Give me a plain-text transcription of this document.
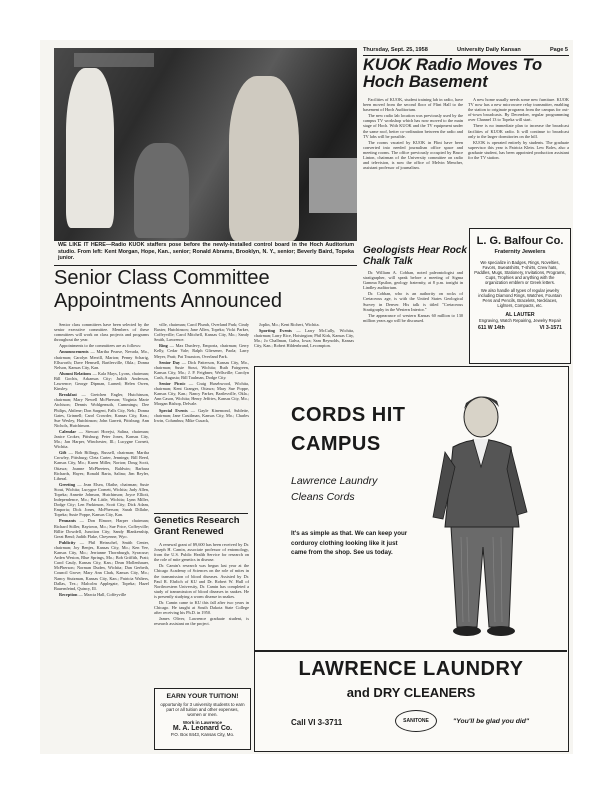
Thursday, Sept. 25, 1958	University Daily Kansan	Page 5
WE LIKE IT HERE—Radio KUOK staffers pose before the newly-installed control board in the Hoch Auditorium studio. From left: Kent Morgan, Hope, Kan., senior; Ronald Abrams, Brooklyn, N. Y., senior; Beverly Baird, Topeka junior.
KUOK Radio Moves To Hoch Basement

Facilities of KUOK, student training lab in radio, have been moved from the second floor of Flint Hall to the basement of Hoch Auditorium.

The new radio lab location was previously used by the campus TV workshop which has now moved to the main stage of Hoch. With KUOK and the TV equipment under the same roof, better co-ordination between the radio and TV labs will be possible.

The rooms vacated by KUOK in Flint have been converted into needed journalism office space and meeting rooms. The office previously occupied by Bruce Linton, chairman of the University committee on radio and television, is now the office of Melvin Mencher, assistant professor of journalism.

A new home usually needs some new furniture. KUOK TV now has a new microwave relay transmitter, enabling the station to originate programs from the campus for out-of-town broadcasts. By December, regular programming over Channel 13 to Topeka will start.

There is no immediate plan to increase the broadcast facilities of KUOK radio. It will continue to broadcast only to the larger dormitories on the hill.

KUOK is operated entirely by students. The graduate supervisor this year is Patricia Klein. Lew Boles, also a graduate student, has been appointed production assistant for the TV station.

Geologists Hear Rock Chalk Talk

Dr. William A. Cobban, noted paleontologist and stratigrapher, will speak before a meeting of Sigma Gamma Epsilon, geology fraternity, at 8 p.m. tonight in Lindley auditorium.

Dr. Cobban, who is an authority on rocks of Cretaceous age, is with the United States Geological Survey in Denver. His talk is titled "Cretaceous Stratigraphy in the Western Interior."

The appearance of western Kansas 60 million to 130 million years ago will be discussed.

L. G. Balfour Co.
Fraternity Jewelers
We specialize in Badges, Rings, Novelties, Favors, Sweatshirts, T-shirts, Crew hats, Paddles, Mugs, Stationery, Invitations, Programs, Cups, Trophies and anything with the organization emblem or Greek letters.
We also handle all types of regular jewelry including Diamond Rings, Watches, Fountain Pens and Pencils, Bracelets, Necklaces, Lighters, Compacts, etc.
AL LAUTER
Engraving, Watch Repairing, Jewelry Repair
611 W 14th	VI 3-1571
Senior Class Committee Appointments Announced

Senior class committees have been selected by the senior executive committee. Members of these committees will work on class projects and programs throughout the year.

Appointments to the committees are as follows:

Announcements — Martha Pearse, Nevada, Mo., chairman; Carolyn Merrill, Marion; Penny Scharig, Ellsworth; Dave Hemsell, Bartlesville, Okla.; Donna Nelson, Kansas City, Kan.

Alumni Relations — Kala Mays, Lyons, chairman; Bill Gochis, Arkansas City; Judith Anderson, Lawrence; George Dipman, Larned; Helen Owen, Kinsley.

Breakfast — Gretchen Engler, Hutchinson, chairman; Mary Newell McPherson; Virginia Marie Atchison; Dennis Wohlgemuth, Cummings; Dee Philips, Abilene; Don Sargent, Falls City, Neb.; Donna Gates, Grinnell; Carol Crowder, Kansas City, Kan.; Sue Wesley, Hutchinson; John Garrett, Pittsburg; Ann Nichols, Hutchinson.

Calendar — Stewart Horejsi, Salina, chairman; Janice Croker, Pittsburg; Peter Jones, Kansas City, Mo.; Jan Harper, Winchester, Ill.; Lucygne Cornett, Wichita.

Gift — Bob Billings, Russell, chairman; Martha Crowley, Pittsburg; Cleta Carter, Jennings; Bill Reed, Kansas City, Mo.; Karen Miller, Norton; Doug Scott, Ottawa; Joanne McPheeters, Baldwin; Barbara Richards, Hayes; Ronald Barta, Salina; Jim Reyler, Liberal.

Greeting — Jean Elsea, Olathe, chairman; Susie Stout, Wichita; Lucygne Cornett, Wichita; Judy Allen, Topeka; Annette Johnson, Hutchinson; Joyce Elliott, Independence, Mo.; Pat Little, Wichita; Lynn Miller, Dodge City; Len Parkinson, Scott City; Dick Adam, Emporia; Dick Jones, McPherson; Sarah Dillahe, Topeka; Susie Poppe, Kansas City, Kan.

Pennants — Don Elmore, Harper chairman; Richard Stiller, Raytown, Mo.; Sue Price, Coffeyville; Billie Dowdell, Junction City; Sandy Blankenship, Great Bend; Judith Flake, Cheyenne, Wyo.

Publicity — Phil Heinschel, Smith Center, chairman; Joy Benjes, Kansas City, Mo.; Ken Yee, Kansas City, Mo.; Jerrianne Thornburgh, Syracuse; Arden Weston, Blue Springs, Mo.; Bob Griffith, Pratt; Carol Cauly, Kansas City, Kan.; Dean Mollenhauer, McPherson; Norman Duden, Wichita; Dan Gerbeth, Council Grove; Mary Ann Clark, Kansas City, Mo.; Nancy Stutzman, Kansas City, Kan.; Patricia Walters, Dallas, Tex.; Malcolm Applegate, Topeka; Hazel Bauernfeind, Quincy, Ill.

Reception — Marcia Hall, Coffeyville

ville, chairman; Carol Plumb, Overland Park; Cindy Baxter, Hutchinson; Jane Allen, Topeka; Vicki Parker, Coffeyville; Carol Mitchell, Kansas City, Mo.; Sandy Smith, Lawrence.

Ring — Max Dunlevy, Emporia, chairman; Gerry Kelly, Cedar Vale; Ralph Gliesener, Paola; Larry Meyer, Pratt; Pat Truaxton, Overland Park.

Senior Day — Dick Patterson, Kansas City, Mo., chairman; Susie Stout, Wichita; Ruth Fairgreen, Kansas City, Mo.; J. P. Feigbner, Wellsville; Carolyn Cash, Augusta; Bill Taulman, Dodge City.

Senior Picnic — Craig Husebwood, Wichita, chairman; Kent Granger, Ottawa; Mary Sue Poppe, Kansas City, Kan.; Nancy Parker, Bartlesville, Okla.; Ann Cason, Wichita; Henry Jeffries, Kansas City, Mo.; Morgan Bishop, Delvale.

Special Events — Gayle Kinemond, Sublette, chairman; Jane Castilman, Kansas City, Mo.; Charles Irwin, Columbus; Mike Cusack,

Joplin, Mo.; Kent Richert, Wichita.

Sporting Events — Larry McCully, Wichita, chairman; Larry Rice, Hoisington; Phil Kirk, Kansas City, Mo.; Jo Challman, Galva, Iowa; Sam Reynolds, Kansas City, Kan.; Robert Hildenbrand, Lecompton.

Genetics Research Grant Renewed

A renewal grant of $9,600 has been received by Dr. Joseph H. Camin, associate professor of entomology, from the U.S. Public Health Service for research on the role of mite genetics in disease.

Dr. Camin's research was begun last year at the Chicago Academy of Sciences on the role of mites in the transmission of blood diseases. Assisted by Dr. Paul R. Ehrlich of KU and Dr. Robert W. Hull of Northwestern University, Dr. Camin has completed a study of transmission of blood diseases in snakes. He is presently studying a worm disease in snakes.

Dr. Camin came to KU this fall after two years in Chicago. He taught at South Dakota State College after receiving his Ph.D. in 1950.

James Oliver, Lawrence graduate student, is research assistant on the project.

EARN YOUR TUITION!
opportunity for 3 university students to earn part or all tuition and other expenses, women or men.
Work in Lawrence
M. A. Leonard Co.
P.O. Box 8443, Kansas City, Mo.
CORDS HIT
CAMPUS
Lawrence Laundry
Cleans Cords
It's as simple as that. We can keep your corduroy clothing looking like it just came from the shop. See us today.
LAWRENCE LAUNDRY
and DRY CLEANERS
Call VI 3-3711	SANITONE	"You'll be glad you did"
